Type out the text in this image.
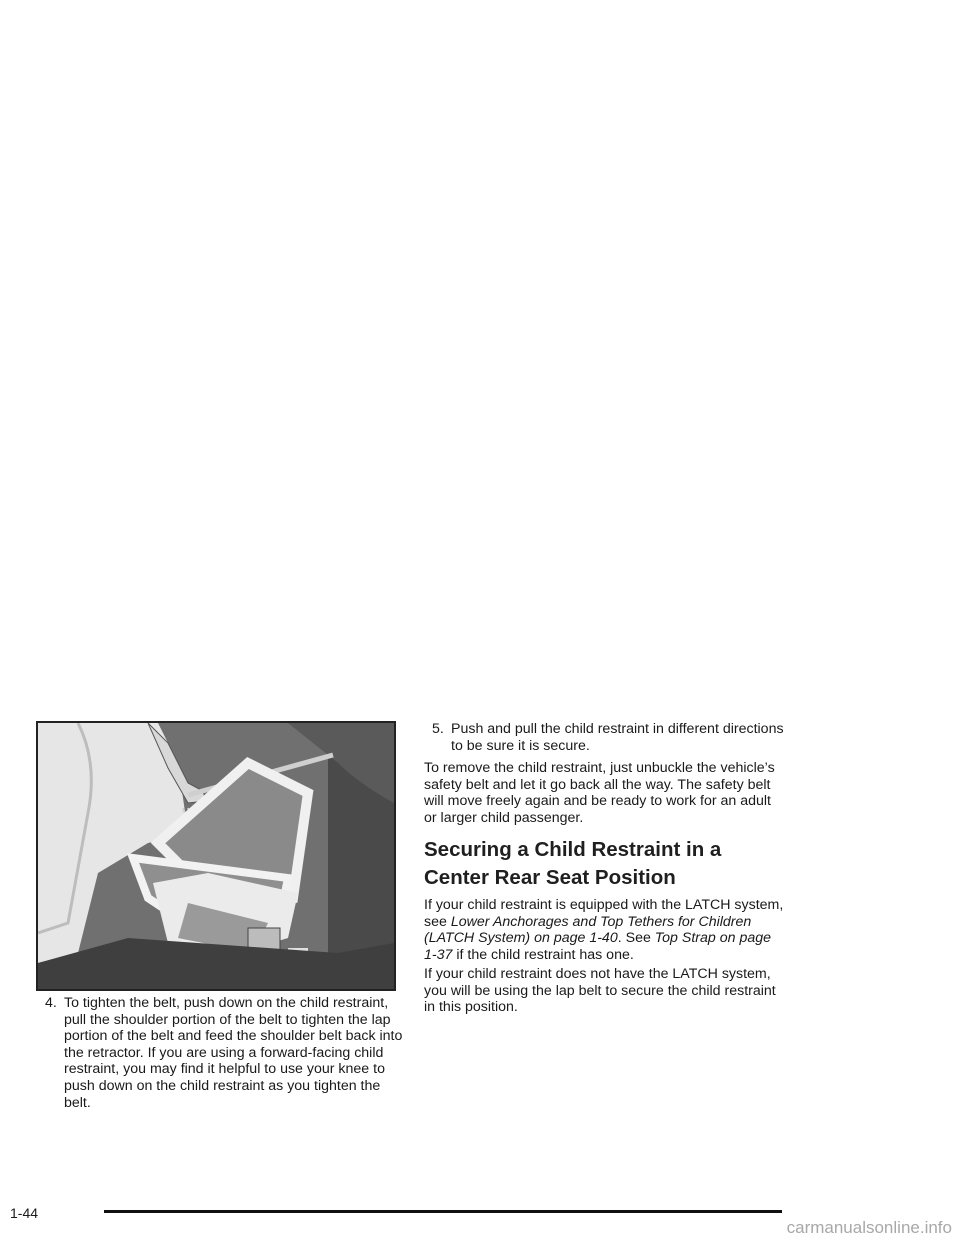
4. To tighten the belt, push down on the child restraint, pull the shoulder portion of the belt to tighten the lap portion of the belt and feed the shoulder belt back into the retractor. If you are using a forward-facing child restraint, you may find it helpful to use your knee to push down on the child restraint as you tighten the belt.
5. Push and pull the child restraint in different directions to be sure it is secure.

To remove the child restraint, just unbuckle the vehicle’s safety belt and let it go back all the way. The safety belt will move freely again and be ready to work for an adult or larger child passenger.

Securing a Child Restraint in a Center Rear Seat Position

If your child restraint is equipped with the LATCH system, see Lower Anchorages and Top Tethers for Children (LATCH System) on page 1-40. See Top Strap on page 1-37 if the child restraint has one.

If your child restraint does not have the LATCH system, you will be using the lap belt to secure the child restraint in this position.

1-44
carmanualsonline.info
